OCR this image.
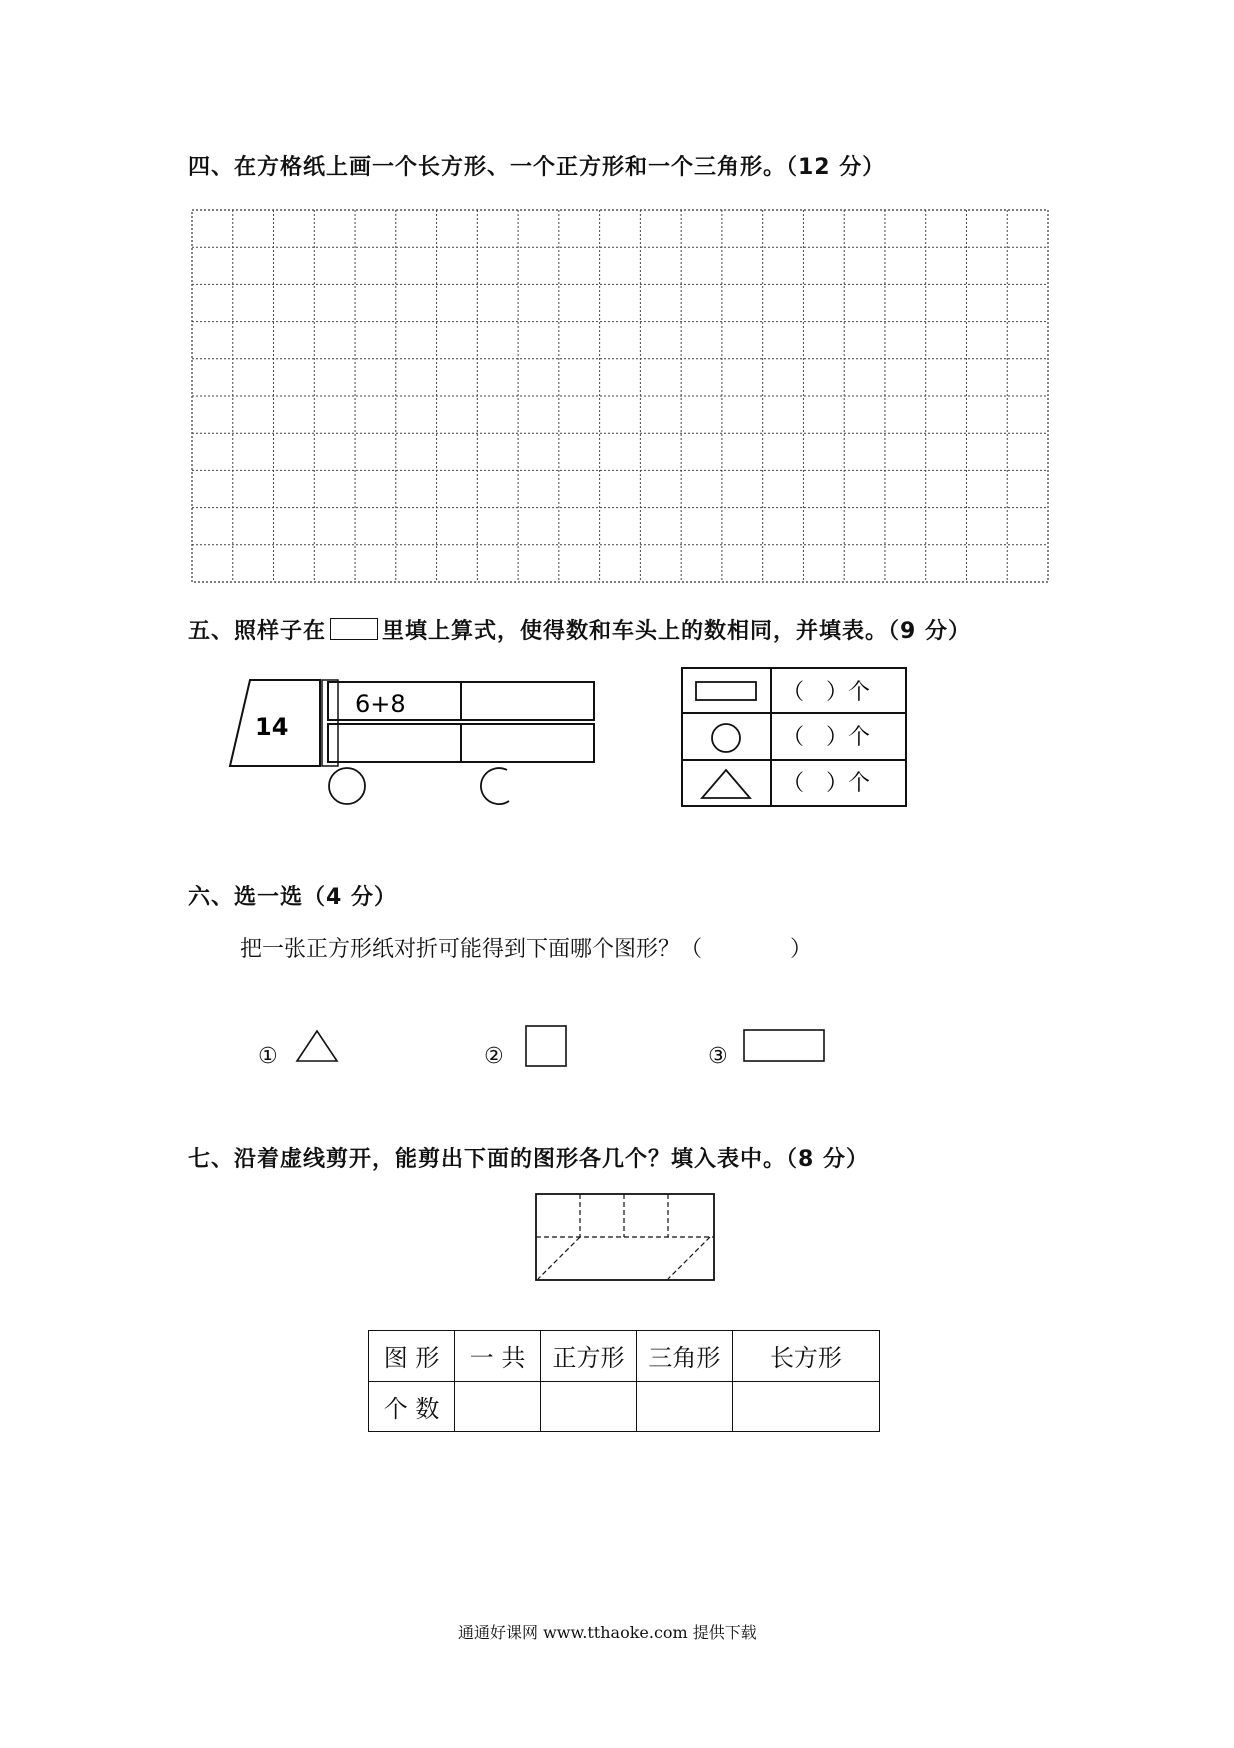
四、在方格纸上画一个长方形、一个正方形和一个三角形。（12 分）
五、照样子在	里填上算式，使得数和车头上的数相同，并填表。（9 分）
14
6+8	（　）个
（　）个
（　）个
六、选一选（4 分）
把一张正方形纸对折可能得到下面哪个图形？（　　　　）
①	②	③
七、沿着虚线剪开，能剪出下面的图形各几个？填入表中。（8 分）
图 形	一 共	正方形	三角形	长方形
个 数				
通通好课网 www.tthaoke.com 提供下载
